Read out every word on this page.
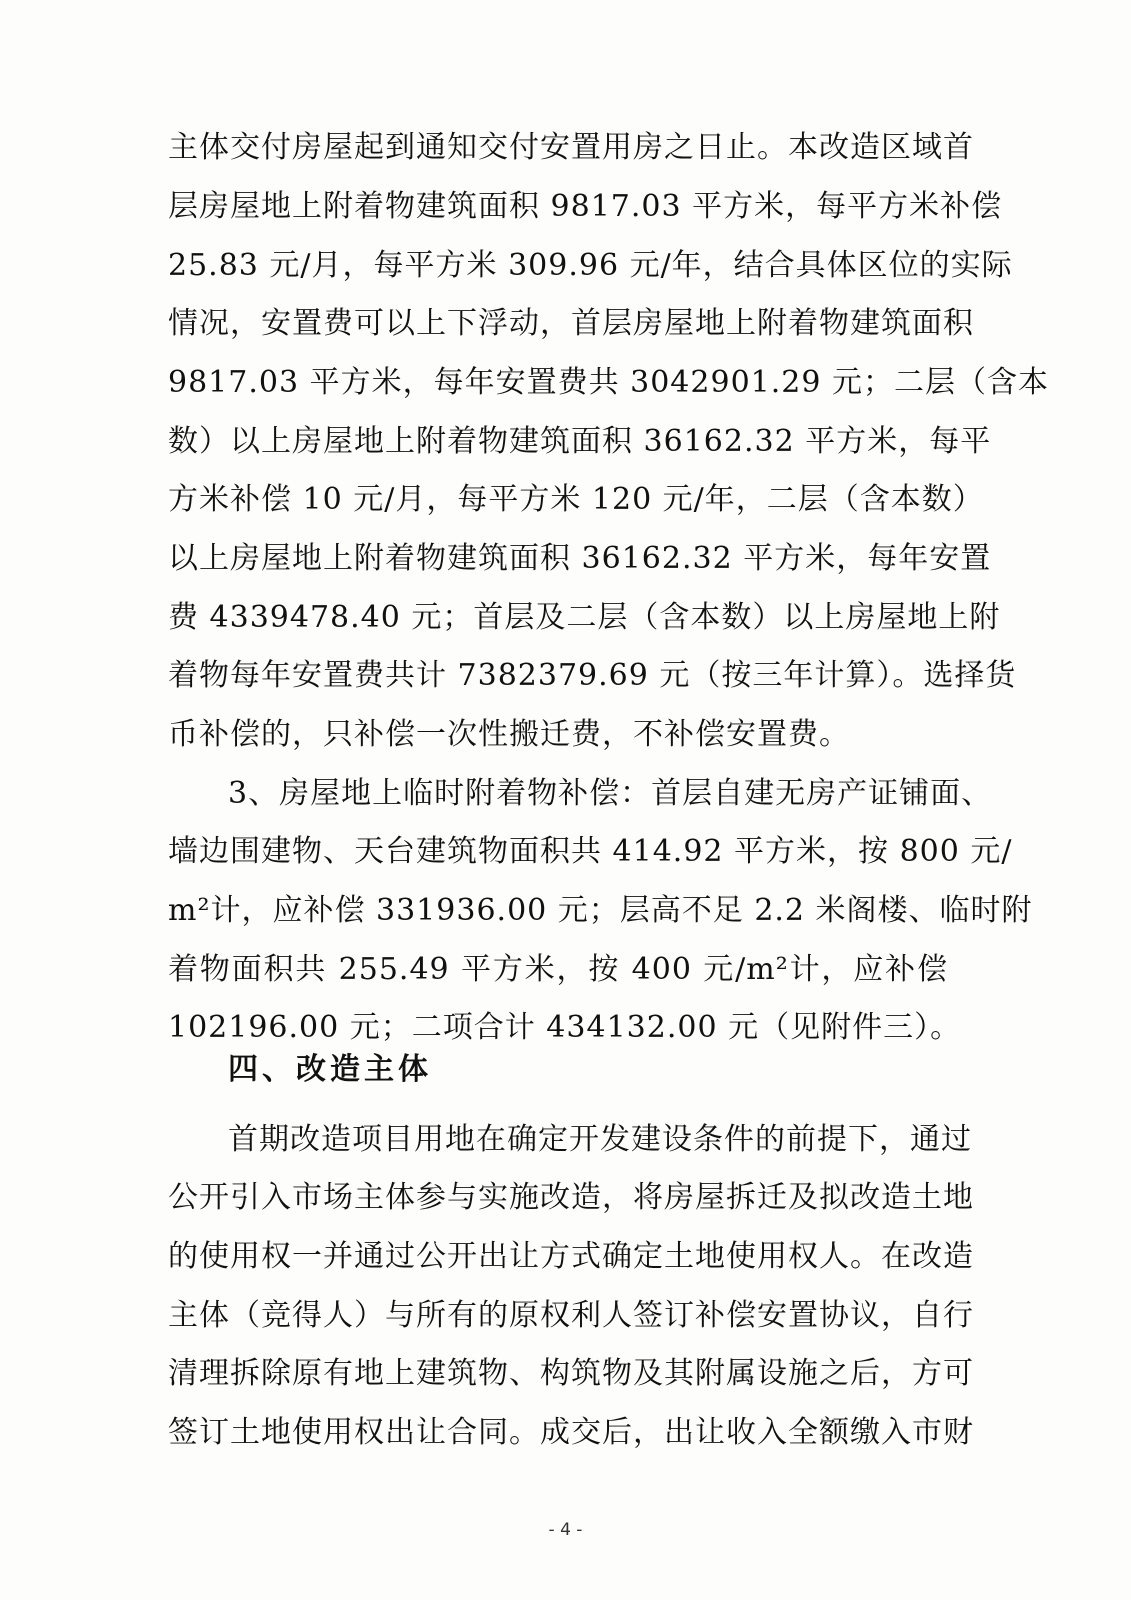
主体交付房屋起到通知交付安置用房之日止。本改造区域首
层房屋地上附着物建筑面积 9817.03 平方米，每平方米补偿
25.83 元/月，每平方米 309.96 元/年，结合具体区位的实际
情况，安置费可以上下浮动，首层房屋地上附着物建筑面积
9817.03 平方米，每年安置费共 3042901.29 元；二层（含本
数）以上房屋地上附着物建筑面积 36162.32 平方米，每平
方米补偿 10 元/月，每平方米 120 元/年，二层（含本数）
以上房屋地上附着物建筑面积 36162.32 平方米，每年安置
费 4339478.40 元；首层及二层（含本数）以上房屋地上附
着物每年安置费共计 7382379.69 元（按三年计算）。选择货
币补偿的，只补偿一次性搬迁费，不补偿安置费。
3、房屋地上临时附着物补偿：首层自建无房产证铺面、
墙边围建物、天台建筑物面积共 414.92 平方米，按 800 元/
m²计，应补偿 331936.00 元；层高不足 2.2 米阁楼、临时附
着物面积共 255.49 平方米，按 400 元/m²计，应补偿
102196.00 元；二项合计 434132.00 元（见附件三）。
四、改造主体
首期改造项目用地在确定开发建设条件的前提下，通过
公开引入市场主体参与实施改造，将房屋拆迁及拟改造土地
的使用权一并通过公开出让方式确定土地使用权人。在改造
主体（竞得人）与所有的原权利人签订补偿安置协议，自行
清理拆除原有地上建筑物、构筑物及其附属设施之后，方可
签订土地使用权出让合同。成交后，出让收入全额缴入市财
- 4 -
